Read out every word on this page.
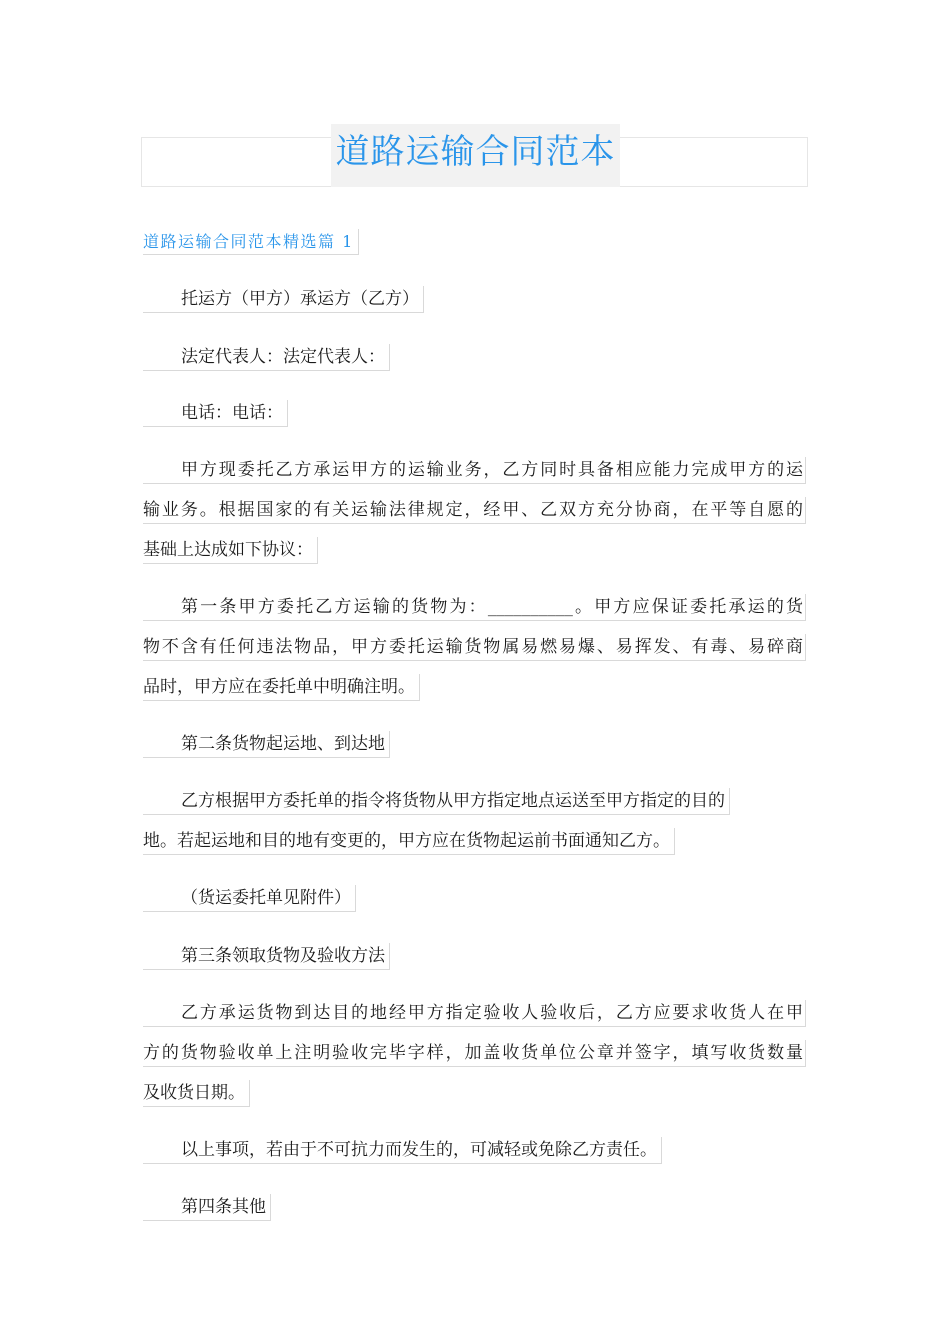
道路运输合同范本
道路运输合同范本精选篇 1
托运方（甲方）承运方（乙方）
法定代表人：法定代表人：
电话：电话：
甲方现委托乙方承运甲方的运输业务，乙方同时具备相应能力完成甲方的运
输业务。根据国家的有关运输法律规定，经甲、乙双方充分协商，在平等自愿的
基础上达成如下协议：
第一条甲方委托乙方运输的货物为：__________。甲方应保证委托承运的货
物不含有任何违法物品，甲方委托运输货物属易燃易爆、易挥发、有毒、易碎商
品时，甲方应在委托单中明确注明。
第二条货物起运地、到达地
乙方根据甲方委托单的指令将货物从甲方指定地点运送至甲方指定的目的
地。若起运地和目的地有变更的，甲方应在货物起运前书面通知乙方。
（货运委托单见附件）
第三条领取货物及验收方法
乙方承运货物到达目的地经甲方指定验收人验收后，乙方应要求收货人在甲
方的货物验收单上注明验收完毕字样，加盖收货单位公章并签字，填写收货数量
及收货日期。
以上事项，若由于不可抗力而发生的，可减轻或免除乙方责任。
第四条其他
